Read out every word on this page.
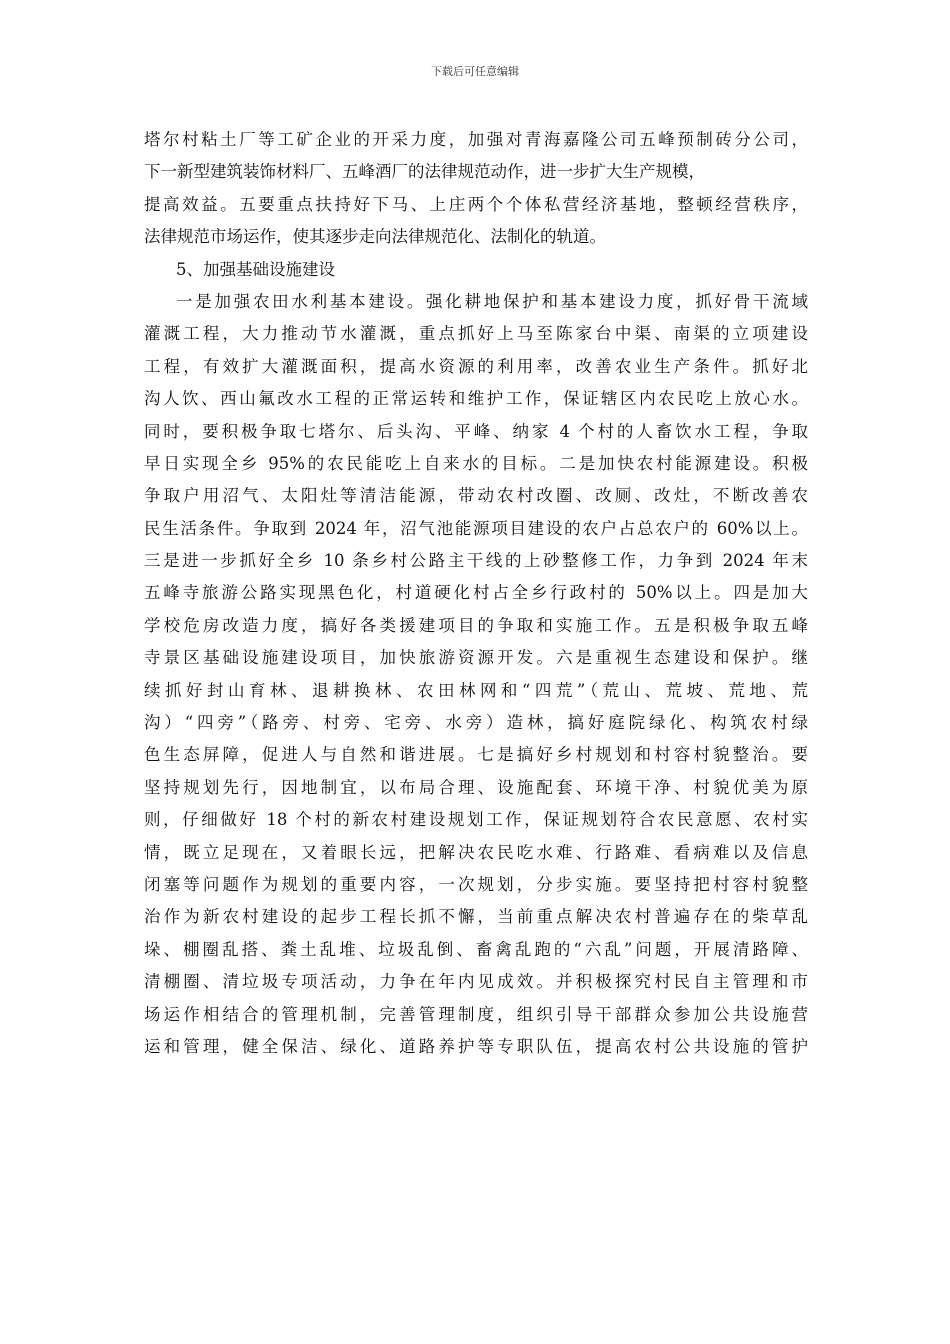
下载后可任意编辑
塔尔村粘土厂等工矿企业的开采力度，加强对青海嘉隆公司五峰预制砖分公司，
下一新型建筑装饰材料厂、五峰酒厂的法律规范动作，进一步扩大生产规模，
提高效益。五要重点扶持好下马、上庄两个个体私营经济基地，整顿经营秩序，
法律规范市场运作，使其逐步走向法律规范化、法制化的轨道。
5、加强基础设施建设
一是加强农田水利基本建设。强化耕地保护和基本建设力度，抓好骨干流域
灌溉工程，大力推动节水灌溉，重点抓好上马至陈家台中渠、南渠的立项建设
工程，有效扩大灌溉面积，提高水资源的利用率，改善农业生产条件。抓好北
沟人饮、西山氟改水工程的正常运转和维护工作，保证辖区内农民吃上放心水。
同时，要积极争取七塔尔、后头沟、平峰、纳家 4 个村的人畜饮水工程，争取
早日实现全乡 95%的农民能吃上自来水的目标。二是加快农村能源建设。积极
争取户用沼气、太阳灶等清洁能源，带动农村改圈、改厕、改灶，不断改善农
民生活条件。争取到 2024 年，沼气池能源项目建设的农户占总农户的 60%以上。
三是进一步抓好全乡 10 条乡村公路主干线的上砂整修工作，力争到 2024 年末
五峰寺旅游公路实现黑色化，村道硬化村占全乡行政村的 50%以上。四是加大
学校危房改造力度，搞好各类援建项目的争取和实施工作。五是积极争取五峰
寺景区基础设施建设项目，加快旅游资源开发。六是重视生态建设和保护。继
续抓好封山育林、退耕换林、农田林网和“四荒”（荒山、荒坡、荒地、荒
沟）“四旁”（路旁、村旁、宅旁、水旁）造林，搞好庭院绿化、构筑农村绿
色生态屏障，促进人与自然和谐进展。七是搞好乡村规划和村容村貌整治。要
坚持规划先行，因地制宜，以布局合理、设施配套、环境干净、村貌优美为原
则，仔细做好 18 个村的新农村建设规划工作，保证规划符合农民意愿、农村实
情，既立足现在，又着眼长远，把解决农民吃水难、行路难、看病难以及信息
闭塞等问题作为规划的重要内容，一次规划，分步实施。要坚持把村容村貌整
治作为新农村建设的起步工程长抓不懈，当前重点解决农村普遍存在的柴草乱
垛、棚圈乱搭、粪土乱堆、垃圾乱倒、畜禽乱跑的“六乱”问题，开展清路障、
清棚圈、清垃圾专项活动，力争在年内见成效。并积极探究村民自主管理和市
场运作相结合的管理机制，完善管理制度，组织引导干部群众参加公共设施营
运和管理，健全保洁、绿化、道路养护等专职队伍，提高农村公共设施的管护
